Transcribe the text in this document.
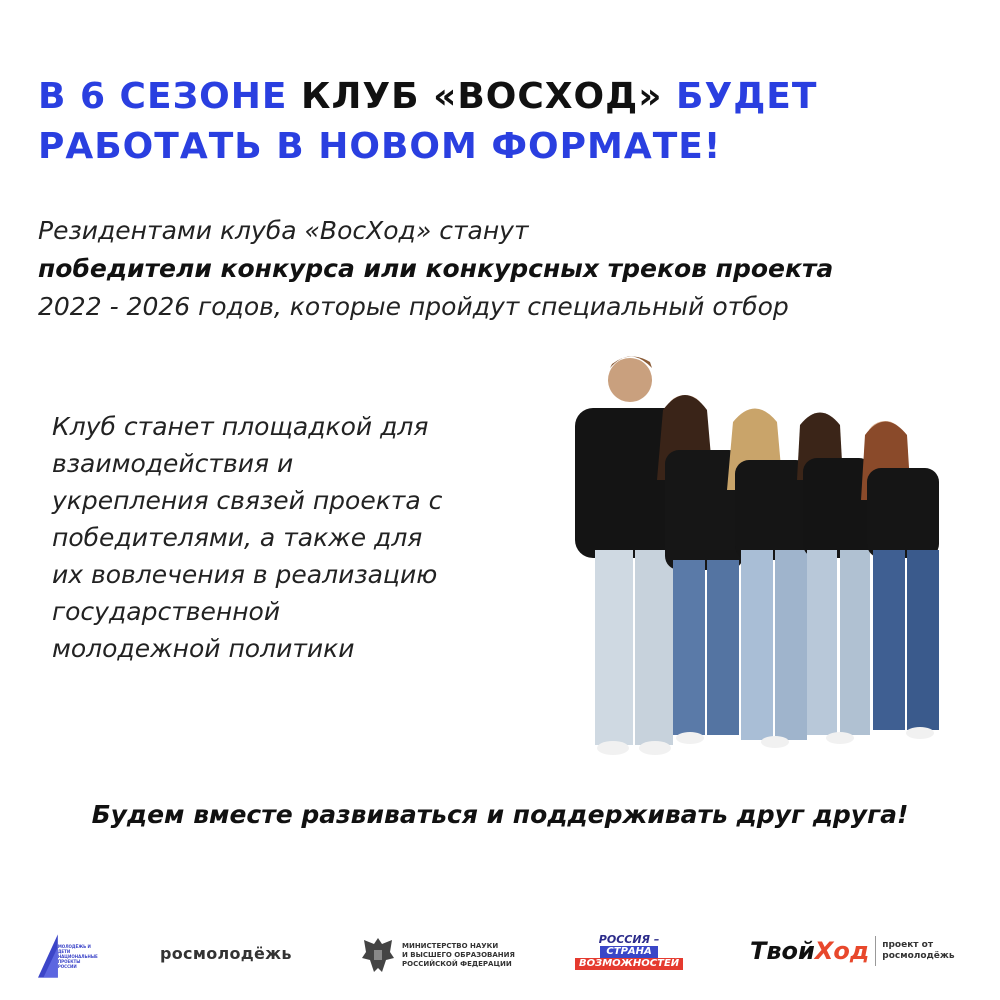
В 6 СЕЗОНЕ КЛУБ «ВОСХОД» БУДЕТ
РАБОТАТЬ В НОВОМ ФОРМАТЕ!
Резидентами клуба «ВосХод» станут
победители конкурса или конкурсных треков проекта
2022 - 2026 годов, которые пройдут специальный отбор
Клуб станет площадкой для
взаимодействия и
укрепления связей проекта с
победителями, а также для
их вовлечения в реализацию
государственной
молодежной политики
Будем вместе развиваться и поддерживать друг друга!
МОЛОДЁЖЬ И ДЕТИ
НАЦИОНАЛЬНЫЕ
ПРОЕКТЫ
РОССИИ
росмолодёжь	МИНИСТЕРСТВО НАУКИ
И ВЫСШЕГО ОБРАЗОВАНИЯ
РОССИЙСКОЙ ФЕДЕРАЦИИ
РОССИЯ –
СТРАНА
ВОЗМОЖНОСТЕЙ	Твой Ход проект от
росмолодёжь
